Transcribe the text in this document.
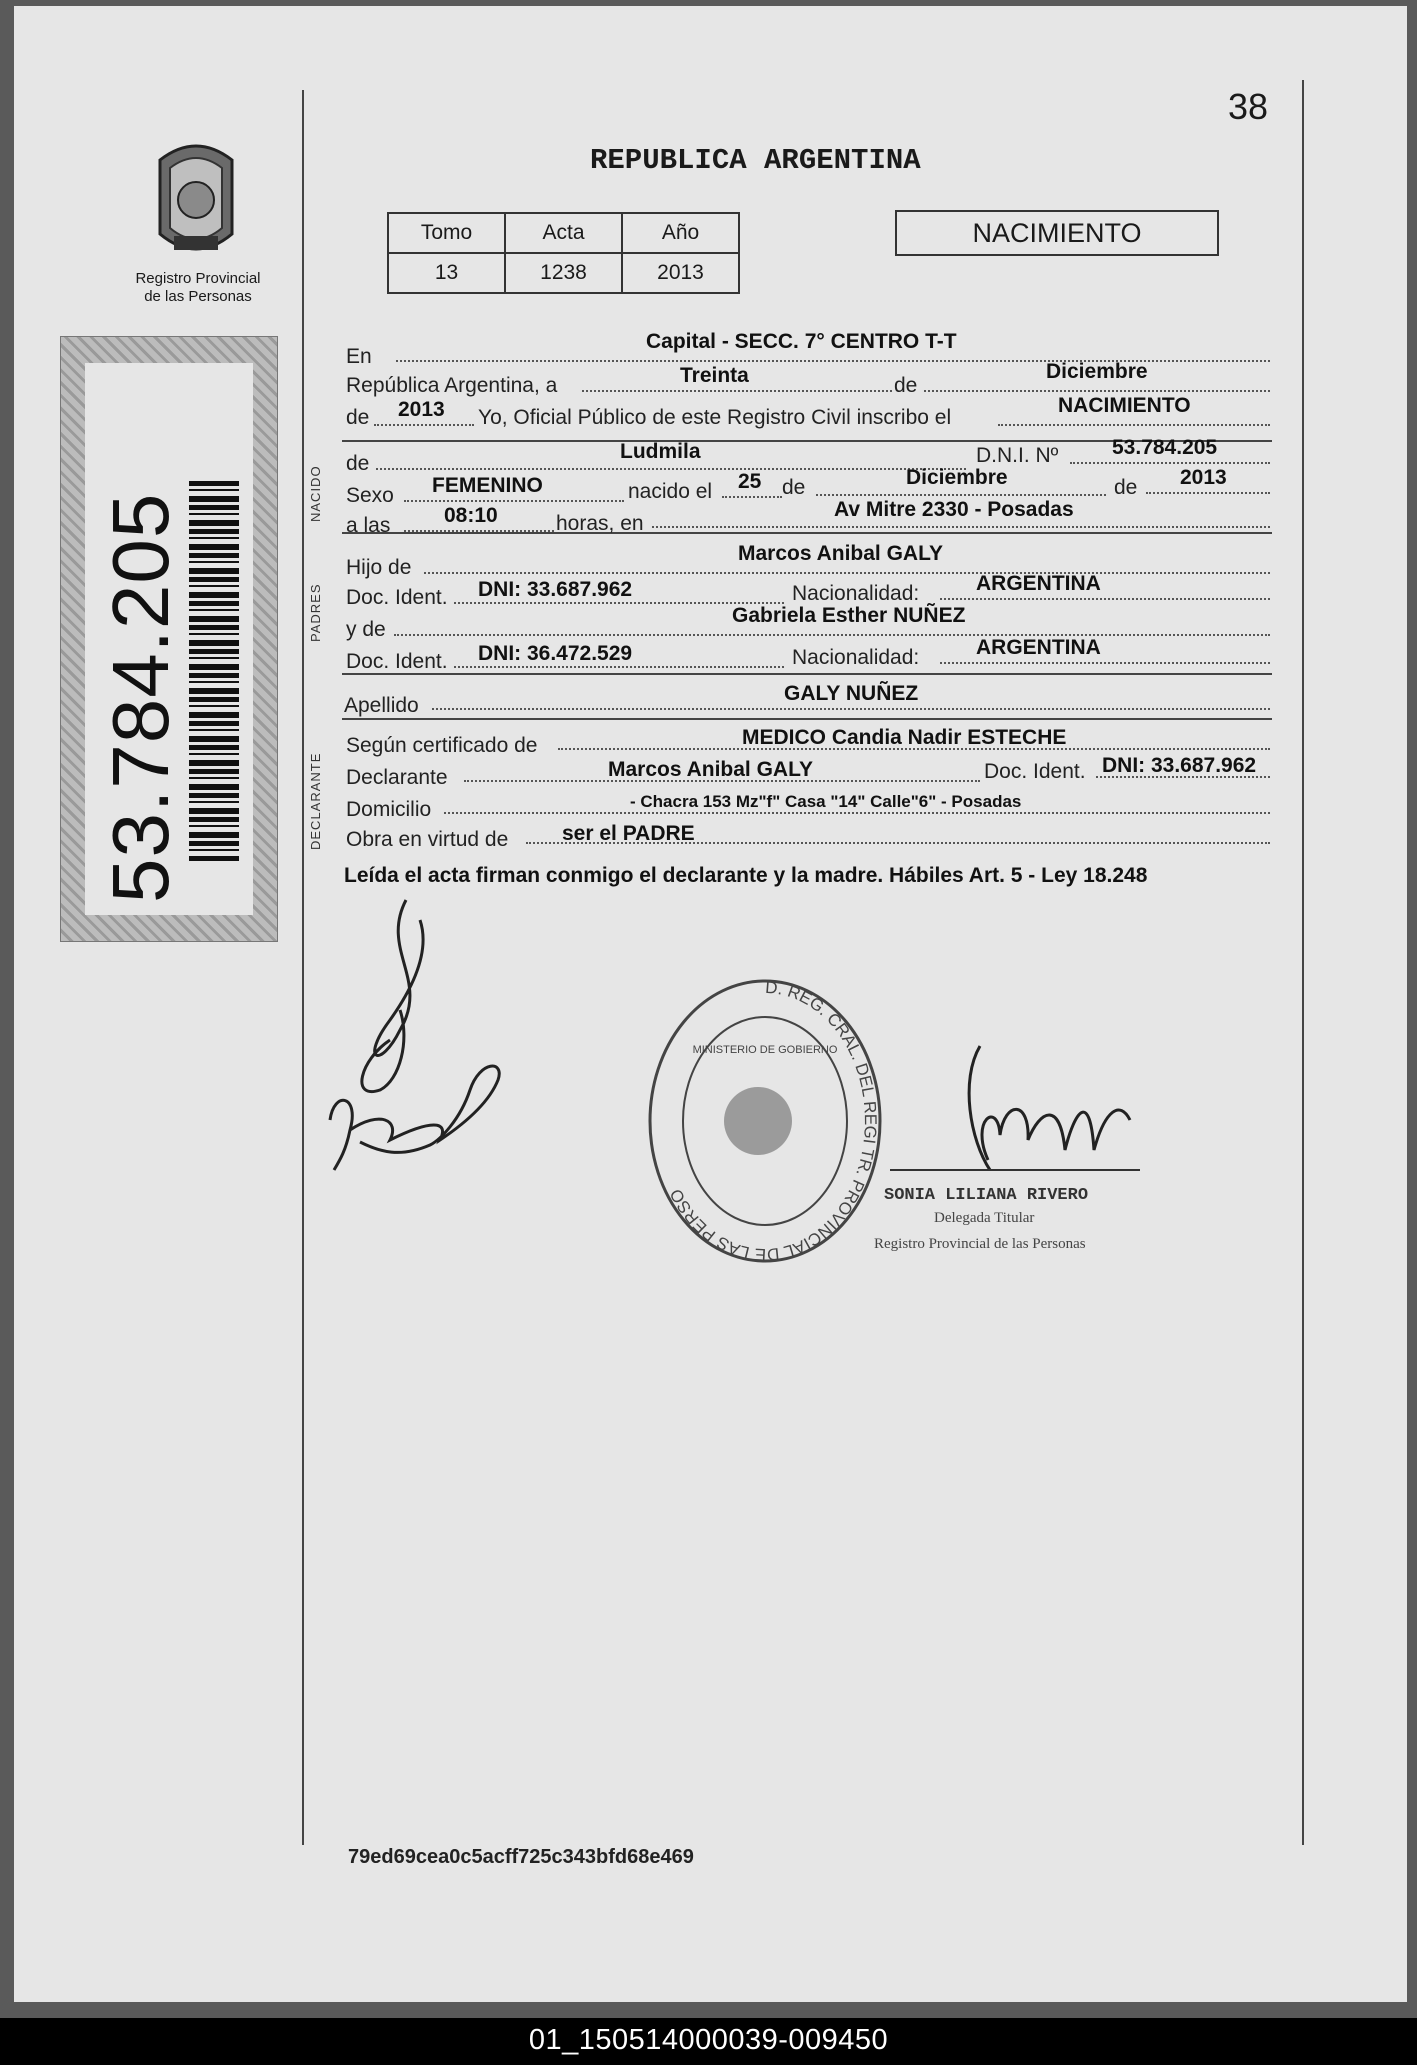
38
Registro Provincial
de las Personas
53.784.205
REPUBLICA ARGENTINA
Tomo	Acta	Año
13	1238	2013
NACIMIENTO
NACIDO
PADRES
DECLARANTE
En
Capital - SECC. 7° CENTRO T-T
República Argentina, a	Treinta	de
Diciembre
de 2013 Yo, Oficial Público de este Registro Civil inscribo el
NACIMIENTO
de
Ludmila	D.N.I. Nº	53.784.205
Sexo FEMENINO	nacido el 25 de	Diciembre	de 2013
a las	08:10	horas, en
Av Mitre 2330 - Posadas
Hijo de
Marcos Anibal GALY
Doc. Ident. DNI: 33.687.962	Nacionalidad:	ARGENTINA
y de
Gabriela Esther NUÑEZ
Doc. Ident. DNI: 36.472.529	Nacionalidad:	ARGENTINA
Apellido
GALY NUÑEZ
Según certificado de	MEDICO Candia Nadir ESTECHE
Declarante	Marcos Anibal GALY	Doc. Ident. DNI: 33.687.962
Domicilio	- Chacra 153 Mz"f" Casa "14" Calle"6" - Posadas
Obra en virtud de	ser el PADRE
Leída el acta firman conmigo el declarante y la madre. Hábiles Art. 5 - Ley 18.248
D. REG. CRAL. DEL REGI TR. PROVINCIAL DE LAS PERSO
MINISTERIO DE GOBIERNO
SONIA LILIANA RIVERO
Delegada Titular
Registro Provincial de las Personas
79ed69cea0c5acff725c343bfd68e469
01_150514000039-009450
